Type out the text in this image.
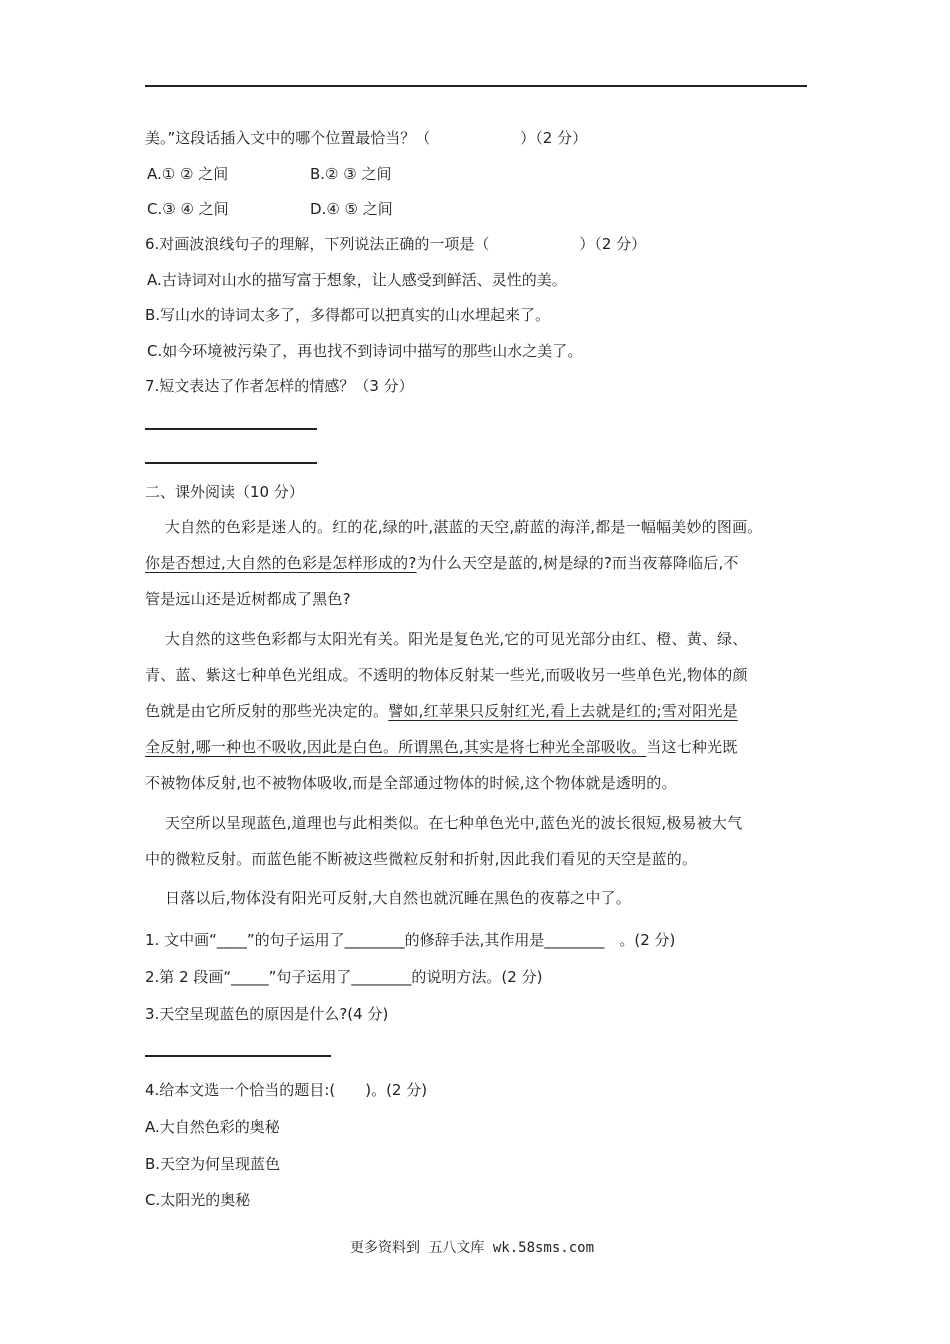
美。”这段话插入文中的哪个位置最恰当？（　　　　　　）（2 分）
A.① ② 之间	B.② ③ 之间
C.③ ④ 之间	D.④ ⑤ 之间
6.对画波浪线句子的理解，下列说法正确的一项是（　　　　　　）（2 分）
A.古诗词对山水的描写富于想象，让人感受到鲜活、灵性的美。
B.写山水的诗词太多了，多得都可以把真实的山水埋起来了。
C.如今环境被污染了，再也找不到诗词中描写的那些山水之美了。
7.短文表达了作者怎样的情感？（3 分）
二、课外阅读（10 分）
大自然的色彩是迷人的。红的花,绿的叶,湛蓝的天空,蔚蓝的海洋,都是一幅幅美妙的图画。
你是否想过,大自然的色彩是怎样形成的?为什么天空是蓝的,树是绿的?而当夜幕降临后,不
管是远山还是近树都成了黑色?
大自然的这些色彩都与太阳光有关。阳光是复色光,它的可见光部分由红、橙、黄、绿、
青、蓝、紫这七种单色光组成。不透明的物体反射某一些光,而吸收另一些单色光,物体的颜
色就是由它所反射的那些光决定的。譬如,红苹果只反射红光,看上去就是红的;雪对阳光是
全反射,哪一种也不吸收,因此是白色。所谓黑色,其实是将七种光全部吸收。当这七种光既
不被物体反射,也不被物体吸收,而是全部通过物体的时候,这个物体就是透明的。
天空所以呈现蓝色,道理也与此相类似。在七种单色光中,蓝色光的波长很短,极易被大气
中的微粒反射。而蓝色能不断被这些微粒反射和折射,因此我们看见的天空是蓝的。
日落以后,物体没有阳光可反射,大自然也就沉睡在黑色的夜幕之中了。
1. 文中画“____”的句子运用了________的修辞手法,其作用是________　。(2 分)
2.第 2 段画“_____”句子运用了________的说明方法。(2 分)
3.天空呈现蓝色的原因是什么?(4 分)
4.给本文选一个恰当的题目:(　　)。(2 分)
A.大自然色彩的奥秘
B.天空为何呈现蓝色
C.太阳光的奥秘
更多资料到 五八文库 wk.58sms.com
